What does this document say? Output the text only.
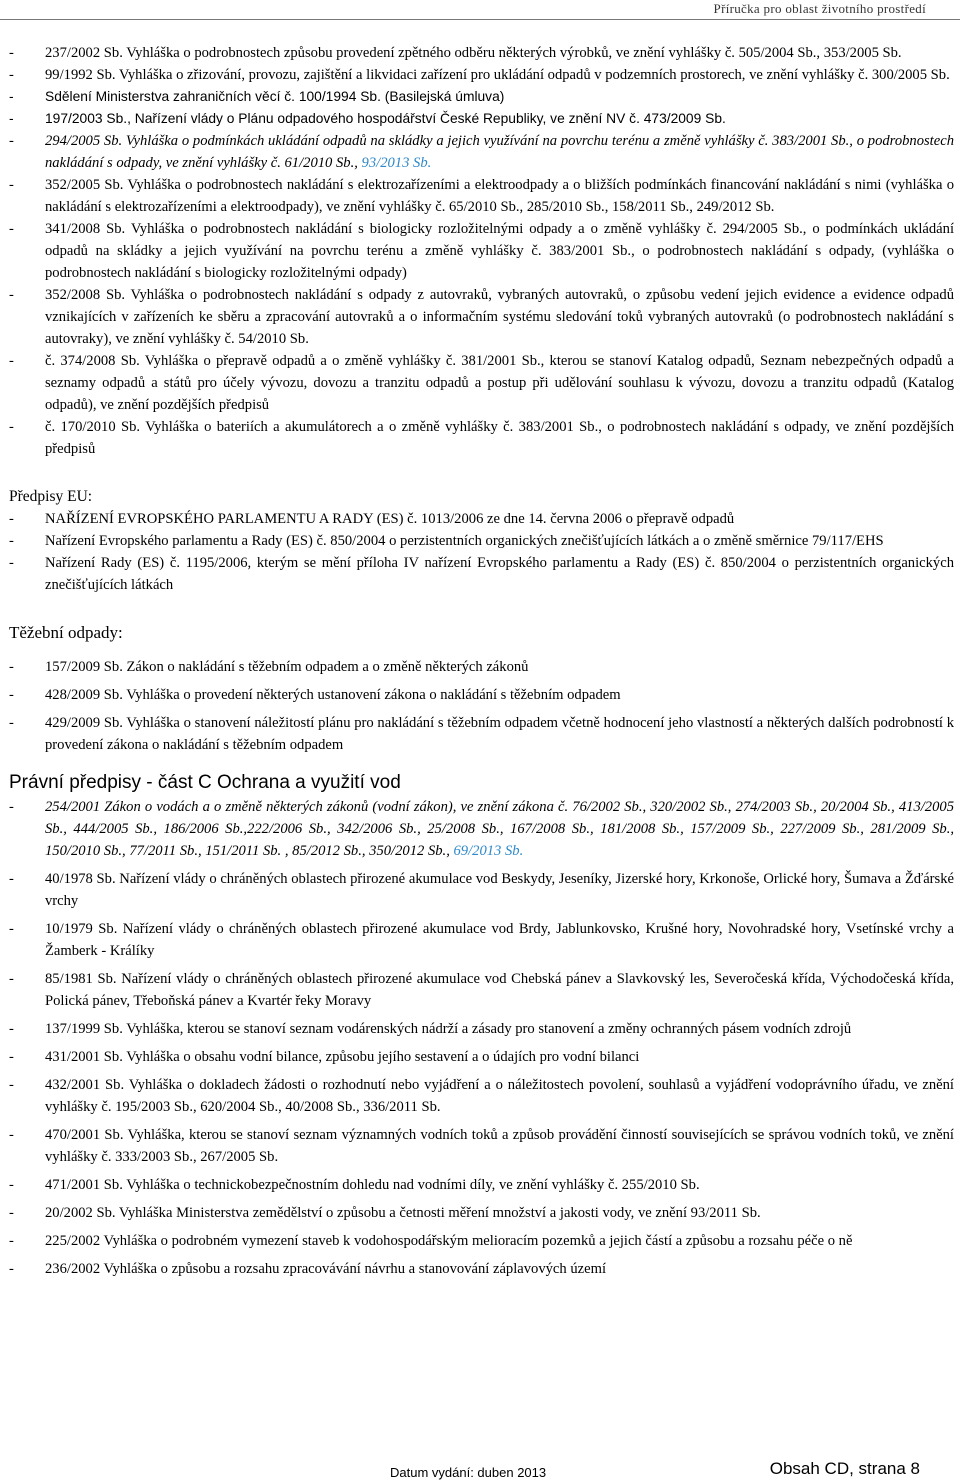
Příručka pro oblast životního prostředí
- 237/2002 Sb. Vyhláška o podrobnostech způsobu provedení zpětného odběru některých výrobků, ve znění vyhlášky č. 505/2004 Sb., 353/2005 Sb.
- 99/1992 Sb. Vyhláška o zřizování, provozu, zajištění a likvidaci zařízení pro ukládání odpadů v podzemních prostorech, ve znění vyhlášky č. 300/2005 Sb.
- Sdělení Ministerstva zahraničních věcí č. 100/1994 Sb. (Basilejská úmluva)
- 197/2003 Sb., Nařízení vlády o Plánu odpadového hospodářství České Republiky, ve znění NV č. 473/2009 Sb.
- 294/2005 Sb. Vyhláška o podmínkách ukládání odpadů na skládky a jejich využívání na povrchu terénu a změně vyhlášky č. 383/2001 Sb., o podrobnostech nakládání s odpady, ve znění vyhlášky č. 61/2010 Sb., 93/2013 Sb.
- 352/2005 Sb. Vyhláška o podrobnostech nakládání s elektrozařízeními a elektroodpady a o bližších podmínkách financování nakládání s nimi (vyhláška o nakládání s elektrozařízeními a elektroodpady), ve znění vyhlášky č. 65/2010 Sb., 285/2010 Sb., 158/2011 Sb., 249/2012 Sb.
- 341/2008 Sb. Vyhláška o podrobnostech nakládání s biologicky rozložitelnými odpady a o změně vyhlášky č. 294/2005 Sb., o podmínkách ukládání odpadů na skládky a jejich využívání na povrchu terénu a změně vyhlášky č. 383/2001 Sb., o podrobnostech nakládání s odpady, (vyhláška o podrobnostech nakládání s biologicky rozložitelnými odpady)
- 352/2008 Sb. Vyhláška o podrobnostech nakládání s odpady z autovraků, vybraných autovraků, o způsobu vedení jejich evidence a evidence odpadů vznikajících v zařízeních ke sběru a zpracování autovraků a o informačním systému sledování toků vybraných autovraků (o podrobnostech nakládání s autovraky), ve znění vyhlášky č. 54/2010 Sb.
- č. 374/2008 Sb. Vyhláška o přepravě odpadů a o změně vyhlášky č. 381/2001 Sb., kterou se stanoví Katalog odpadů, Seznam nebezpečných odpadů a seznamy odpadů a států pro účely vývozu, dovozu a tranzitu odpadů a postup při udělování souhlasu k vývozu, dovozu a tranzitu odpadů (Katalog odpadů), ve znění pozdějších předpisů
- č. 170/2010 Sb. Vyhláška o bateriích a akumulátorech a o změně vyhlášky č. 383/2001 Sb., o podrobnostech nakládání s odpady, ve znění pozdějších předpisů
Předpisy EU:
- NAŘÍZENÍ EVROPSKÉHO PARLAMENTU A RADY (ES) č. 1013/2006 ze dne 14. června 2006 o přepravě odpadů
- Nařízení Evropského parlamentu a Rady (ES) č. 850/2004 o perzistentních organických znečišťujících látkách a o změně směrnice 79/117/EHS
- Nařízení Rady (ES) č. 1195/2006, kterým se mění příloha IV nařízení Evropského parlamentu a Rady (ES) č. 850/2004 o perzistentních organických znečišťujících látkách
Těžební odpady:
- 157/2009 Sb. Zákon o nakládání s těžebním odpadem a o změně některých zákonů
- 428/2009 Sb. Vyhláška o provedení některých ustanovení zákona o nakládání s těžebním odpadem
- 429/2009 Sb. Vyhláška o stanovení náležitostí plánu pro nakládání s těžebním odpadem včetně hodnocení jeho vlastností a některých dalších podrobností k provedení zákona o nakládání s těžebním odpadem
Právní předpisy - část C Ochrana a využití vod
- 254/2001 Zákon o vodách a o změně některých zákonů (vodní zákon), ve znění zákona č. 76/2002 Sb., 320/2002 Sb., 274/2003 Sb., 20/2004 Sb., 413/2005 Sb., 444/2005 Sb., 186/2006 Sb.,222/2006 Sb., 342/2006 Sb., 25/2008 Sb., 167/2008 Sb., 181/2008 Sb., 157/2009 Sb., 227/2009 Sb., 281/2009 Sb., 150/2010 Sb., 77/2011 Sb., 151/2011 Sb. , 85/2012 Sb., 350/2012 Sb., 69/2013 Sb.
- 40/1978 Sb. Nařízení vlády o chráněných oblastech přirozené akumulace vod Beskydy, Jeseníky, Jizerské hory, Krkonoše, Orlické hory, Šumava a Žďárské vrchy
- 10/1979 Sb. Nařízení vlády o chráněných oblastech přirozené akumulace vod Brdy, Jablunkovsko, Krušné hory, Novohradské hory, Vsetínské vrchy a Žamberk - Králíky
- 85/1981 Sb. Nařízení vlády o chráněných oblastech přirozené akumulace vod Chebská pánev a Slavkovský les, Severočeská křída, Východočeská křída, Polická pánev, Třeboňská pánev a Kvartér řeky Moravy
- 137/1999 Sb. Vyhláška, kterou se stanoví seznam vodárenských nádrží a zásady pro stanovení a změny ochranných pásem vodních zdrojů
- 431/2001 Sb. Vyhláška o obsahu vodní bilance, způsobu jejího sestavení a o údajích pro vodní bilanci
- 432/2001 Sb. Vyhláška o dokladech žádosti o rozhodnutí nebo vyjádření a o náležitostech povolení, souhlasů a vyjádření vodoprávního úřadu, ve znění vyhlášky č. 195/2003 Sb., 620/2004 Sb., 40/2008 Sb., 336/2011 Sb.
- 470/2001 Sb. Vyhláška, kterou se stanoví seznam významných vodních toků a způsob provádění činností souvisejících se správou vodních toků, ve znění vyhlášky č. 333/2003 Sb., 267/2005 Sb.
- 471/2001 Sb. Vyhláška o technickobezpečnostním dohledu nad vodními díly, ve znění vyhlášky č. 255/2010 Sb.
- 20/2002 Sb. Vyhláška Ministerstva zemědělství o způsobu a četnosti měření množství a jakosti vody, ve znění 93/2011 Sb.
- 225/2002 Vyhláška o podrobném vymezení staveb k vodohospodářským melioracím pozemků a jejich částí a způsobu a rozsahu péče o ně
- 236/2002 Vyhláška o způsobu a rozsahu zpracovávání návrhu a stanovování záplavových území
Datum vydání: duben 2013	Obsah CD, strana 8
